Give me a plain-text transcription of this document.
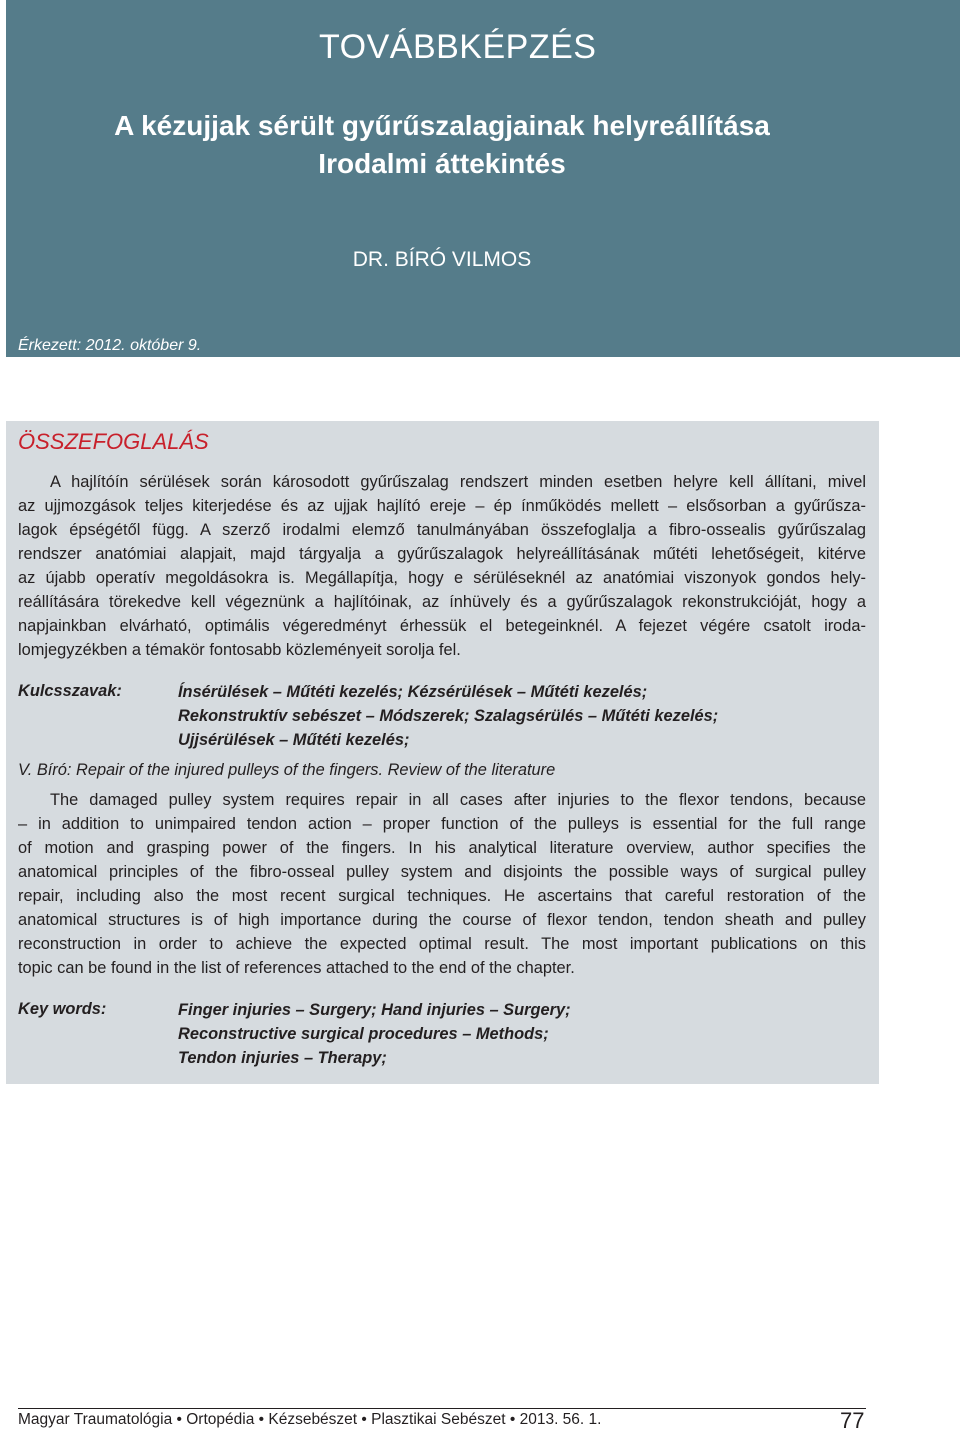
TOVÁBBKÉPZÉS
A kézujjak sérült gyűrűszalagjainak helyreállítása
Irodalmi áttekintés
DR. BÍRÓ VILMOS
Érkezett: 2012. október 9.
ÖSSZEFOGLALÁS
A hajlítóín sérülések során károsodott gyűrűszalag rendszert minden esetben helyre kell állítani, mivel
az ujjmozgások teljes kiterjedése és az ujjak hajlító ereje – ép ínműködés mellett – elsősorban a gyűrűsza-
lagok épségétől függ. A szerző irodalmi elemző tanulmányában összefoglalja a fibro-ossealis gyűrűszalag
rendszer anatómiai alapjait, majd tárgyalja a gyűrűszalagok helyreállításának műtéti lehetőségeit, kitérve
az újabb operatív megoldásokra is. Megállapítja, hogy e sérüléseknél az anatómiai viszonyok gondos hely-
reállítására törekedve kell végeznünk a hajlítóinak, az ínhüvely és a gyűrűszalagok rekonstrukcióját, hogy a
napjainkban elvárható, optimális végeredményt érhessük el betegeinknél. A fejezet végére csatolt iroda-
lomjegyzékben a témakör fontosabb közleményeit sorolja fel.
Kulcsszavak:	Ínsérülések – Műtéti kezelés; Kézsérülések – Műtéti kezelés;
Rekonstruktív sebészet – Módszerek; Szalagsérülés – Műtéti kezelés;
Ujjsérülések – Műtéti kezelés;
V. Bíró: Repair of the injured pulleys of the fingers. Review of the literature
The damaged pulley system requires repair in all cases after injuries to the flexor tendons, because
– in addition to unimpaired tendon action – proper function of the pulleys is essential for the full range
of motion and grasping power of the fingers. In his analytical literature overview, author specifies the
anatomical principles of the fibro-osseal pulley system and disjoints the possible ways of surgical pulley
repair, including also the most recent surgical techniques. He ascertains that careful restoration of the
anatomical structures is of high importance during the course of flexor tendon, tendon sheath and pulley
reconstruction in order to achieve the expected optimal result. The most important publications on this
topic can be found in the list of references attached to the end of the chapter.
Key words:	Finger injuries – Surgery; Hand injuries – Surgery;
Reconstructive surgical procedures – Methods;
Tendon injuries – Therapy;
Magyar Traumatológia • Ortopédia • Kézsebészet • Plasztikai Sebészet • 2013. 56. 1.	77
